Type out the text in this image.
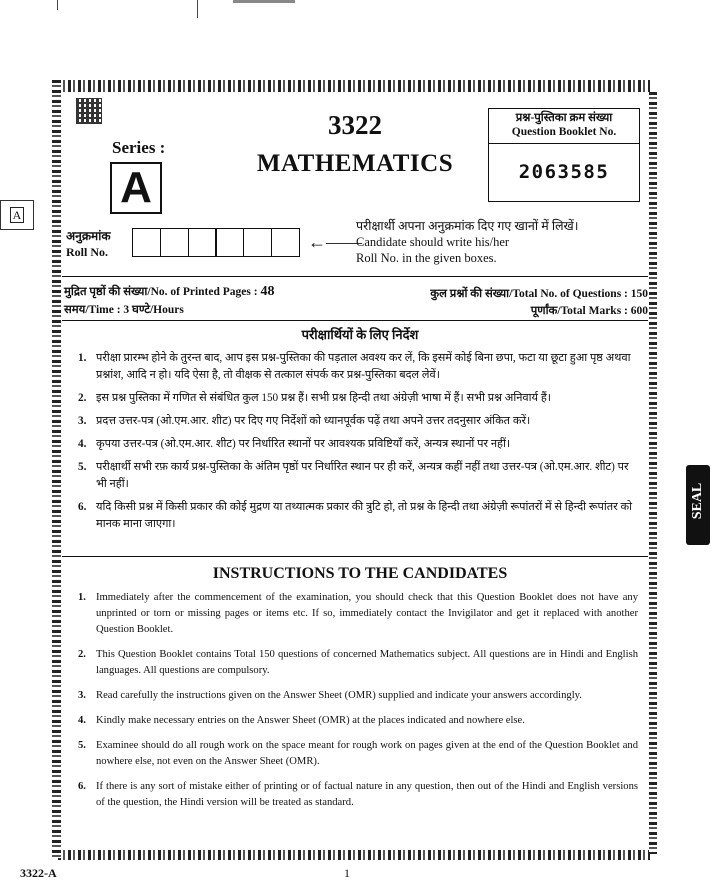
Series :
A
A
3322
MATHEMATICS
प्रश्न-पुस्तिका क्रम संख्या
Question Booklet No.
2063585
अनुक्रमांक
Roll No.	←——
परीक्षार्थी अपना अनुक्रमांक दिए गए खानों में लिखें।
Candidate should write his/her
Roll No. in the given boxes.
मुद्रित पृष्ठों की संख्या/No. of Printed Pages : 48
समय/Time : 3 घण्टे/Hours
कुल प्रश्नों की संख्या/Total No. of Questions : 150
पूर्णांक/Total Marks : 600
परीक्षार्थियों के लिए निर्देश
1. परीक्षा प्रारम्भ होने के तुरन्त बाद, आप इस प्रश्न-पुस्तिका की पड़ताल अवश्य कर लें, कि इसमें कोई बिना छपा, फटा या छूटा हुआ पृष्ठ अथवा प्रश्नांश, आदि न हो। यदि ऐसा है, तो वीक्षक से तत्काल संपर्क कर प्रश्न-पुस्तिका बदल लेवें।
2. इस प्रश्न पुस्तिका में गणित से संबंधित कुल 150 प्रश्न हैं। सभी प्रश्न हिन्दी तथा अंग्रेज़ी भाषा में हैं। सभी प्रश्न अनिवार्य हैं।
3. प्रदत्त उत्तर-पत्र (ओ.एम.आर. शीट) पर दिए गए निर्देशों को ध्यानपूर्वक पढ़ें तथा अपने उत्तर तदनुसार अंकित करें।
4. कृपया उत्तर-पत्र (ओ.एम.आर. शीट) पर निर्धारित स्थानों पर आवश्यक प्रविष्टियाँ करें, अन्यत्र स्थानों पर नहीं।
5. परीक्षार्थी सभी रफ़ कार्य प्रश्न-पुस्तिका के अंतिम पृष्ठों पर निर्धारित स्थान पर ही करें, अन्यत्र कहीं नहीं तथा उत्तर-पत्र (ओ.एम.आर. शीट) पर भी नहीं।
6. यदि किसी प्रश्न में किसी प्रकार की कोई मुद्रण या तथ्यात्मक प्रकार की त्रुटि हो, तो प्रश्न के हिन्दी तथा अंग्रेज़ी रूपांतरों में से हिन्दी रूपांतर को मानक माना जाएगा।
INSTRUCTIONS TO THE CANDIDATES
1. Immediately after the commencement of the examination, you should check that this Question Booklet does not have any unprinted or torn or missing pages or items etc. If so, immediately contact the Invigilator and get it replaced with another Question Booklet.
2. This Question Booklet contains Total 150 questions of concerned Mathematics subject. All questions are in Hindi and English languages. All questions are compulsory.
3. Read carefully the instructions given on the Answer Sheet (OMR) supplied and indicate your answers accordingly.
4. Kindly make necessary entries on the Answer Sheet (OMR) at the places indicated and nowhere else.
5. Examinee should do all rough work on the space meant for rough work on pages given at the end of the Question Booklet and nowhere else, not even on the Answer Sheet (OMR).
6. If there is any sort of mistake either of printing or of factual nature in any question, then out of the Hindi and English versions of the question, the Hindi version will be treated as standard.
SEAL
3322-A	1
